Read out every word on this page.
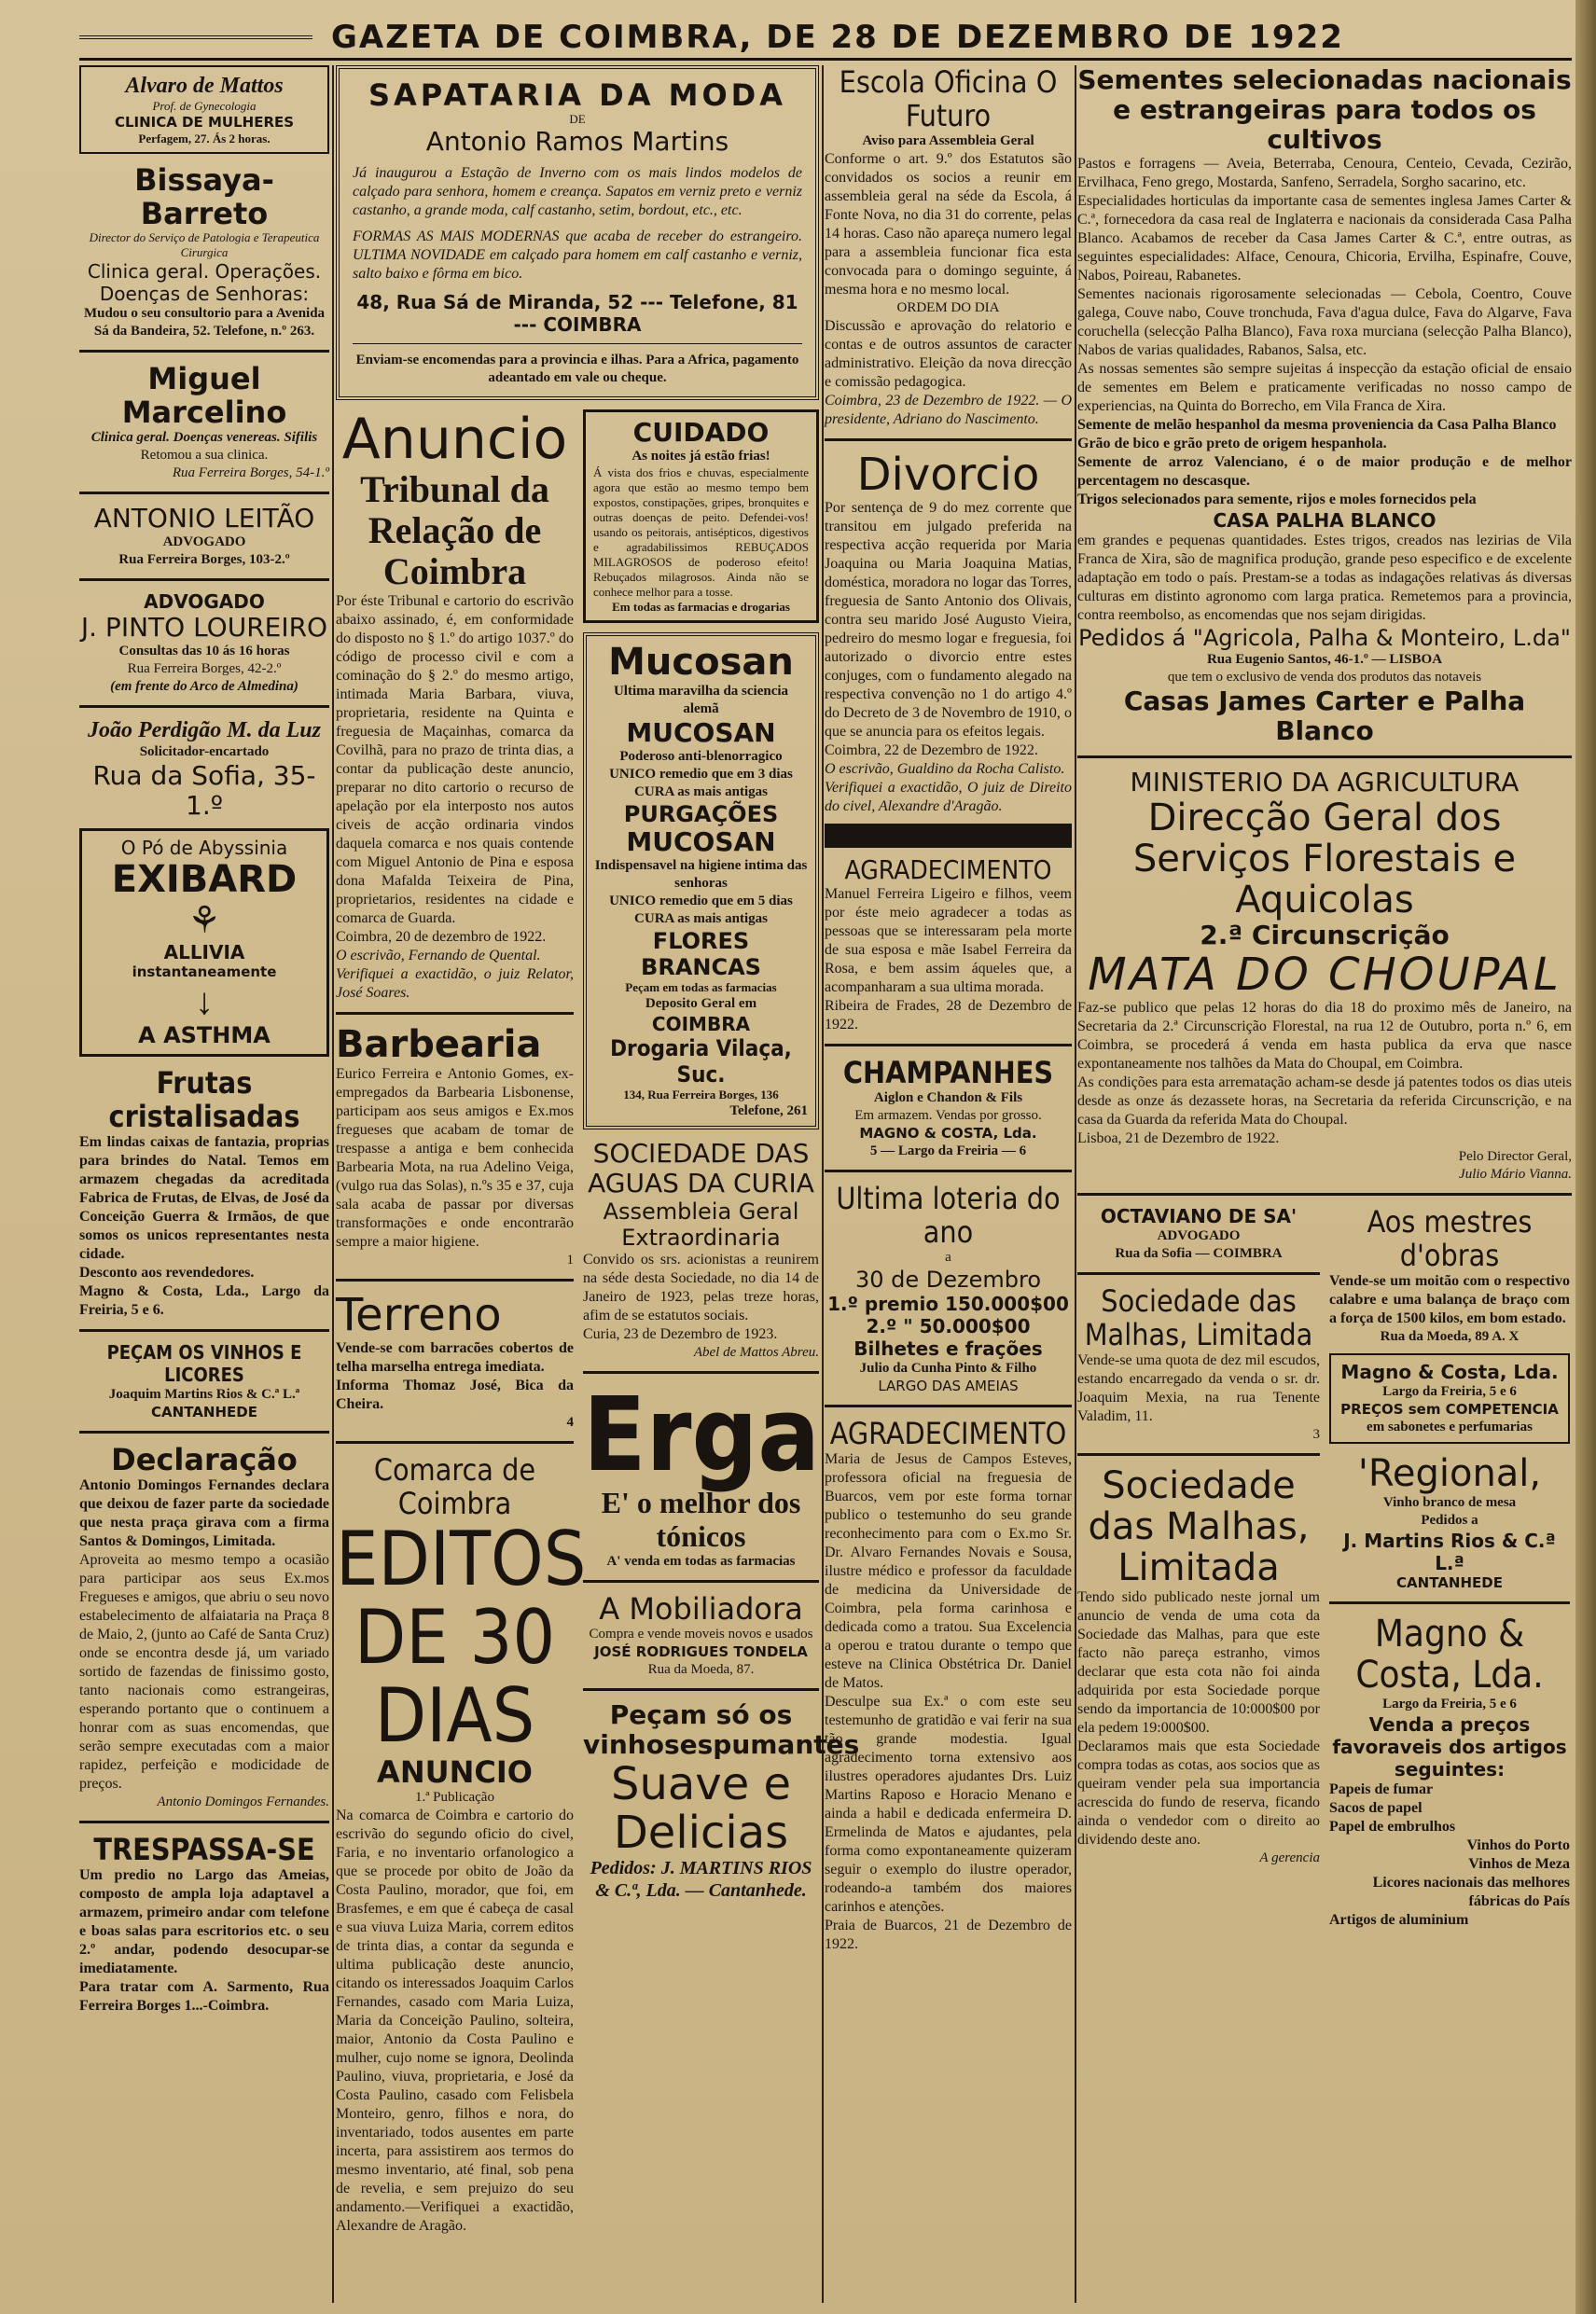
GAZETA DE COIMBRA, DE 28 DE DEZEMBRO DE 1922
Alvaro de Mattos
Prof. de Gynecologia
CLINICA DE MULHERES
Perfagem, 27. Ás 2 horas.
Bissaya-Barreto
Director do Serviço de Patologia e Terapeutica Cirurgica
Clinica geral. Operações. Doenças de Senhoras:
Mudou o seu consultorio para a Avenida Sá da Bandeira, 52. Telefone, n.º 263.
Miguel Marcelino
Clinica geral. Doenças venereas. Sifilis
Retomou a sua clinica.
Rua Ferreira Borges, 54-1.º
ANTONIO LEITÃO
ADVOGADO
Rua Ferreira Borges, 103-2.º
ADVOGADO
J. PINTO LOUREIRO
Consultas das 10 ás 16 horas
Rua Ferreira Borges, 42-2.º
(em frente do Arco de Almedina)
João Perdigão M. da Luz
Solicitador-encartado
Rua da Sofia, 35-1.º
O Pó de Abyssinia
EXIBARD
⚘
ALLIVIA
instantaneamente
↓
A ASTHMA
Frutas cristalisadas
Em lindas caixas de fantazia, proprias para brindes do Natal. Temos em armazem chegadas da acreditada Fabrica de Frutas, de Elvas, de José da Conceição Guerra & Irmãos, de que somos os unicos representantes nesta cidade.
Desconto aos revendedores.
Magno & Costa, Lda., Largo da Freiria, 5 e 6.
PEÇAM OS VINHOS E LICORES
Joaquim Martins Rios & C.ª L.ª
CANTANHEDE
Declaração
Antonio Domingos Fernandes declara que deixou de fazer parte da sociedade que nesta praça girava com a firma Santos & Domingos, Limitada.
Aproveita ao mesmo tempo a ocasião para participar aos seus Ex.mos Fregueses e amigos, que abriu o seu novo estabelecimento de alfaiataria na Praça 8 de Maio, 2, (junto ao Café de Santa Cruz) onde se encontra desde já, um variado sortido de fazendas de finissimo gosto, tanto nacionais como estrangeiras, esperando portanto que o continuem a honrar com as suas encomendas, que serão sempre executadas com a maior rapidez, perfeição e modicidade de preços.
Antonio Domingos Fernandes.
TRESPASSA-SE
Um predio no Largo das Ameias, composto de ampla loja adaptavel a armazem, primeiro andar com telefone e boas salas para escritorios etc. o seu 2.º andar, podendo desocupar-se imediatamente.
Para tratar com A. Sarmento, Rua Ferreira Borges 1...-Coimbra.
SAPATARIA DA MODA
DE
Antonio Ramos Martins
Já inaugurou a Estação de Inverno com os mais lindos modelos de calçado para senhora, homem e creança. Sapatos em verniz preto e verniz castanho, a grande moda, calf castanho, setim, bordout, etc., etc.
FORMAS AS MAIS MODERNAS que acaba de receber do estrangeiro. ULTIMA NOVIDADE em calçado para homem em calf castanho e verniz, salto baixo e fôrma em bico.
48, Rua Sá de Miranda, 52 --- Telefone, 81 --- COIMBRA
Enviam-se encomendas para a provincia e ilhas. Para a Africa, pagamento adeantado em vale ou cheque.
Anuncio
Tribunal da Relação de Coimbra
Por éste Tribunal e cartorio do escrivão abaixo assinado, é, em conformidade do disposto no § 1.º do artigo 1037.º do código de processo civil e com a cominação do § 2.º do mesmo artigo, intimada Maria Barbara, viuva, proprietaria, residente na Quinta e freguesia de Maçainhas, comarca da Covilhã, para no prazo de trinta dias, a contar da publicação deste anuncio, preparar no dito cartorio o recurso de apelação por ela interposto nos autos civeis de acção ordinaria vindos daquela comarca e nos quais contende com Miguel Antonio de Pina e esposa dona Mafalda Teixeira de Pina, proprietarios, residentes na cidade e comarca de Guarda.
Coimbra, 20 de dezembro de 1922.
O escrivão, Fernando de Quental.
Verifiquei a exactidão, o juiz Relator, José Soares.
Barbearia
Eurico Ferreira e Antonio Gomes, ex-empregados da Barbearia Lisbonense, participam aos seus amigos e Ex.mos fregueses que acabam de tomar de trespasse a antiga e bem conhecida Barbearia Mota, na rua Adelino Veiga, (vulgo rua das Solas), n.ºs 35 e 37, cuja sala acaba de passar por diversas transformações e onde encontrarão sempre a maior higiene.
1
Terreno
Vende-se com barracões cobertos de telha marselha entrega imediata.
Informa Thomaz José, Bica da Cheira.
4
Comarca de Coimbra
EDITOS DE 30 DIAS
ANUNCIO
1.ª Publicação
Na comarca de Coimbra e cartorio do escrivão do segundo oficio do civel, Faria, e no inventario orfanologico a que se procede por obito de João da Costa Paulino, morador, que foi, em Brasfemes, e em que é cabeça de casal e sua viuva Luiza Maria, correm editos de trinta dias, a contar da segunda e ultima publicação deste anuncio, citando os interessados Joaquim Carlos Fernandes, casado com Maria Luiza, Maria da Conceição Paulino, solteira, maior, Antonio da Costa Paulino e mulher, cujo nome se ignora, Deolinda Paulino, viuva, proprietaria, e José da Costa Paulino, casado com Felisbela Monteiro, genro, filhos e nora, do inventariado, todos ausentes em parte incerta, para assistirem aos termos do mesmo inventario, até final, sob pena de revelia, e sem prejuizo do seu andamento.—Verifiquei a exactidão, Alexandre de Aragão.
CUIDADO
As noites já estão frias!
Á vista dos frios e chuvas, especialmente agora que estão ao mesmo tempo bem expostos, constipações, gripes, bronquites e outras doenças de peito. Defendei-vos! usando os peitorais, antisépticos, digestivos e agradabilissimos REBUÇADOS MILAGROSOS de poderoso efeito! Rebuçados milagrosos. Ainda não se conhece melhor para a tosse.
Em todas as farmacias e drogarias
Mucosan
Ultima maravilha da sciencia alemã
MUCOSAN
Poderoso anti-blenorragico
UNICO remedio que em 3 dias CURA as mais antigas
PURGAÇÕES
MUCOSAN
Indispensavel na higiene intima das senhoras
UNICO remedio que em 5 dias CURA as mais antigas
FLORES BRANCAS
Peçam em todas as farmacias
Deposito Geral em
COIMBRA
Drogaria Vilaça, Suc.
134, Rua Ferreira Borges, 136
Telefone, 261
SOCIEDADE DAS AGUAS DA CURIA
Assembleia Geral Extraordinaria
Convido os srs. acionistas a reunirem na séde desta Sociedade, no dia 14 de Janeiro de 1923, pelas treze horas, afim de se estatutos sociais.
Curia, 23 de Dezembro de 1923.
Abel de Mattos Abreu.
Erga
E' o melhor dos tónicos
A' venda em todas as farmacias
A Mobiliadora
Compra e vende moveis novos e usados
JOSÉ RODRIGUES TONDELA
Rua da Moeda, 87.
Peçam só os vinhosespumantes
Suave e Delicias
Pedidos: J. MARTINS RIOS & C.ª, Lda. — Cantanhede.
Escola Oficina O Futuro
Aviso para Assembleia Geral
Conforme o art. 9.º dos Estatutos são convidados os socios a reunir em assembleia geral na séde da Escola, á Fonte Nova, no dia 31 do corrente, pelas 14 horas. Caso não apareça numero legal para a assembleia funcionar fica esta convocada para o domingo seguinte, á mesma hora e no mesmo local.
ORDEM DO DIA
Discussão e aprovação do relatorio e contas e de outros assuntos de caracter administrativo. Eleição da nova direcção e comissão pedagogica.
Coimbra, 23 de Dezembro de 1922. — O presidente, Adriano do Nascimento.
Divorcio
Por sentença de 9 do mez corrente que transitou em julgado preferida na respectiva acção requerida por Maria Joaquina ou Maria Joaquina Matias, doméstica, moradora no logar das Torres, freguesia de Santo Antonio dos Olivais, contra seu marido José Augusto Vieira, pedreiro do mesmo logar e freguesia, foi autorizado o divorcio entre estes conjuges, com o fundamento alegado na respectiva convenção no 1 do artigo 4.º do Decreto de 3 de Novembro de 1910, o que se anuncia para os efeitos legais.
Coimbra, 22 de Dezembro de 1922.
O escrivão, Gualdino da Rocha Calisto.
Verifiquei a exactidão, O juiz de Direito do civel, Alexandre d'Aragão.
AGRADECIMENTO
Manuel Ferreira Ligeiro e filhos, veem por éste meio agradecer a todas as pessoas que se interessaram pela morte de sua esposa e mãe Isabel Ferreira da Rosa, e bem assim áqueles que, a acompanharam a sua ultima morada.
Ribeira de Frades, 28 de Dezembro de 1922.
CHAMPANHES
Aiglon e Chandon & Fils
Em armazem. Vendas por grosso.
MAGNO & COSTA, Lda.
5 — Largo da Freiria — 6
Ultima loteria do ano
a
30 de Dezembro
1.º premio 150.000$00
2.º " 50.000$00
Bilhetes e frações
Julio da Cunha Pinto & Filho
LARGO DAS AMEIAS
AGRADECIMENTO
Maria de Jesus de Campos Esteves, professora oficial na freguesia de Buarcos, vem por este forma tornar publico o testemunho do seu grande reconhecimento para com o Ex.mo Sr. Dr. Alvaro Fernandes Novais e Sousa, ilustre médico e professor da faculdade de medicina da Universidade de Coimbra, pela forma carinhosa e dedicada como a tratou. Sua Excelencia a operou e tratou durante o tempo que esteve na Clinica Obstétrica Dr. Daniel de Matos.
Desculpe sua Ex.ª o com este seu testemunho de gratidão e vai ferir na sua tão grande modestia. Igual agradecimento torna extensivo aos ilustres operadores ajudantes Drs. Luiz Martins Raposo e Horacio Menano e ainda a habil e dedicada enfermeira D. Ermelinda de Matos e ajudantes, pela forma como expontaneamente quizeram seguir o exemplo do ilustre operador, rodeando-a também dos maiores carinhos e atenções.
Praia de Buarcos, 21 de Dezembro de 1922.
Sementes selecionadas nacionais e estrangeiras para todos os cultivos
Pastos e forragens — Aveia, Beterraba, Cenoura, Centeio, Cevada, Cezirão, Ervilhaca, Feno grego, Mostarda, Sanfeno, Serradela, Sorgho sacarino, etc.
Especialidades horticulas da importante casa de sementes inglesa James Carter & C.ª, fornecedora da casa real de Inglaterra e nacionais da considerada Casa Palha Blanco. Acabamos de receber da Casa James Carter & C.ª, entre outras, as seguintes especialidades: Alface, Cenoura, Chicoria, Ervilha, Espinafre, Couve, Nabos, Poireau, Rabanetes.
Sementes nacionais rigorosamente selecionadas — Cebola, Coentro, Couve galega, Couve nabo, Couve tronchuda, Fava d'agua dulce, Fava do Algarve, Fava coruchella (selecção Palha Blanco), Fava roxa murciana (selecção Palha Blanco), Nabos de varias qualidades, Rabanos, Salsa, etc.
As nossas sementes são sempre sujeitas á inspecção da estação oficial de ensaio de sementes em Belem e praticamente verificadas no nosso campo de experiencias, na Quinta do Borrecho, em Vila Franca de Xira.
Semente de melão hespanhol da mesma proveniencia da Casa Palha Blanco
Grão de bico e grão preto de origem hespanhola.
Semente de arroz Valenciano, é o de maior produção e de melhor percentagem no descasque.
Trigos selecionados para semente, rijos e moles fornecidos pela
CASA PALHA BLANCO
em grandes e pequenas quantidades. Estes trigos, creados nas lezirias de Vila Franca de Xira, são de magnifica produção, grande peso especifico e de excelente adaptação em todo o país. Prestam-se a todas as indagações relativas ás diversas culturas em distinto agronomo com larga pratica. Remetemos para a provincia, contra reembolso, as encomendas que nos sejam dirigidas.
Pedidos á "Agricola, Palha & Monteiro, L.da"
Rua Eugenio Santos, 46-1.º — LISBOA
que tem o exclusivo de venda dos produtos das notaveis
Casas James Carter e Palha Blanco
MINISTERIO DA AGRICULTURA
Direcção Geral dos Serviços Florestais e Aquicolas
2.ª Circunscrição
MATA DO CHOUPAL
Faz-se publico que pelas 12 horas do dia 18 do proximo mês de Janeiro, na Secretaria da 2.ª Circunscrição Florestal, na rua 12 de Outubro, porta n.º 6, em Coimbra, se procederá á venda em hasta publica da erva que nasce expontaneamente nos talhões da Mata do Choupal, em Coimbra.
As condições para esta arrematação acham-se desde já patentes todos os dias uteis desde as onze ás dezassete horas, na Secretaria da referida Circunscrição, e na casa da Guarda da referida Mata do Choupal.
Lisboa, 21 de Dezembro de 1922.
Pelo Director Geral,
Julio Mário Vianna.
OCTAVIANO DE SA'
ADVOGADO
Rua da Sofia — COIMBRA
Sociedade das Malhas, Limitada
Vende-se uma quota de dez mil escudos, estando encarregado da venda o sr. dr. Joaquim Mexia, na rua Tenente Valadim, 11.
3
Sociedade das Malhas, Limitada
Tendo sido publicado neste jornal um anuncio de venda de uma cota da Sociedade das Malhas, para que este facto não pareça estranho, vimos declarar que esta cota não foi ainda adquirida por esta Sociedade porque sendo da importancia de 10:000$00 por ela pedem 19:000$00.
Declaramos mais que esta Sociedade compra todas as cotas, aos socios que as queiram vender pela sua importancia acrescida do fundo de reserva, ficando ainda o vendedor com o direito ao dividendo deste ano.
A gerencia
Aos mestres d'obras
Vende-se um moitão com o respectivo calabre e uma balança de braço com a força de 1500 kilos, em bom estado.
Rua da Moeda, 89 A. X
Magno & Costa, Lda.
Largo da Freiria, 5 e 6
PREÇOS sem COMPETENCIA
em sabonetes e perfumarias
'Regional,
Vinho branco de mesa
Pedidos a
J. Martins Rios & C.ª L.ª
CANTANHEDE
Magno & Costa, Lda.
Largo da Freiria, 5 e 6
Venda a preços favoraveis dos artigos seguintes:
Papeis de fumar
Sacos de papel
Papel de embrulhos
Vinhos do Porto
Vinhos de Meza
Licores nacionais das melhores fábricas do País
Artigos de aluminium
